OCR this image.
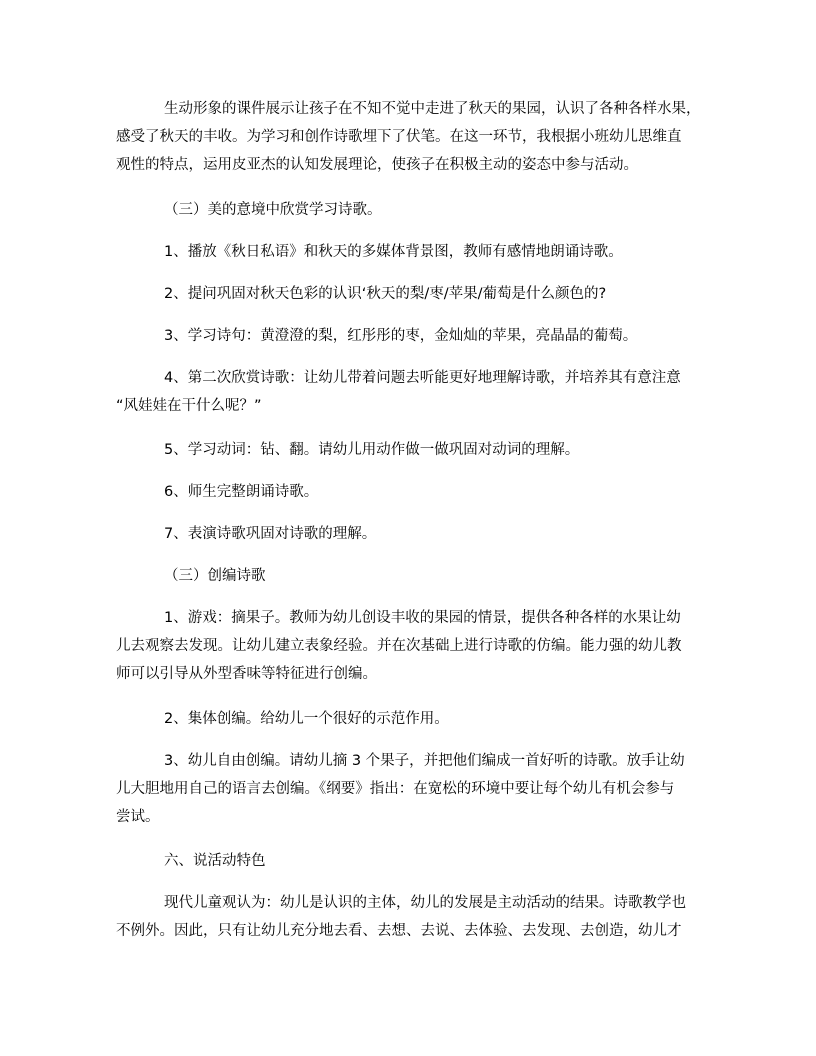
生动形象的课件展示让孩子在不知不觉中走进了秋天的果园，认识了各种各样水果，
感受了秋天的丰收。为学习和创作诗歌埋下了伏笔。在这一环节，我根据小班幼儿思维直
观性的特点，运用皮亚杰的认知发展理论，使孩子在积极主动的姿态中参与活动。
（三）美的意境中欣赏学习诗歌。
1、播放《秋日私语》和秋天的多媒体背景图，教师有感情地朗诵诗歌。
2、提问巩固对秋天色彩的认识‘秋天的梨/枣/苹果/葡萄是什么颜色的?
3、学习诗句：黄澄澄的梨，红彤彤的枣，金灿灿的苹果，亮晶晶的葡萄。
4、第二次欣赏诗歌：让幼儿带着问题去听能更好地理解诗歌，并培养其有意注意
“风娃娃在干什么呢？”
5、学习动词：钻、翻。请幼儿用动作做一做巩固对动词的理解。
6、师生完整朗诵诗歌。
7、表演诗歌巩固对诗歌的理解。
（三）创编诗歌
1、游戏：摘果子。教师为幼儿创设丰收的果园的情景，提供各种各样的水果让幼
儿去观察去发现。让幼儿建立表象经验。并在次基础上进行诗歌的仿编。能力强的幼儿教
师可以引导从外型香味等特征进行创编。
2、集体创编。给幼儿一个很好的示范作用。
3、幼儿自由创编。请幼儿摘 3 个果子，并把他们编成一首好听的诗歌。放手让幼
儿大胆地用自己的语言去创编。《纲要》指出：在宽松的环境中要让每个幼儿有机会参与
尝试。
六、说活动特色
现代儿童观认为：幼儿是认识的主体，幼儿的发展是主动活动的结果。诗歌教学也
不例外。因此，只有让幼儿充分地去看、去想、去说、去体验、去发现、去创造，幼儿才
